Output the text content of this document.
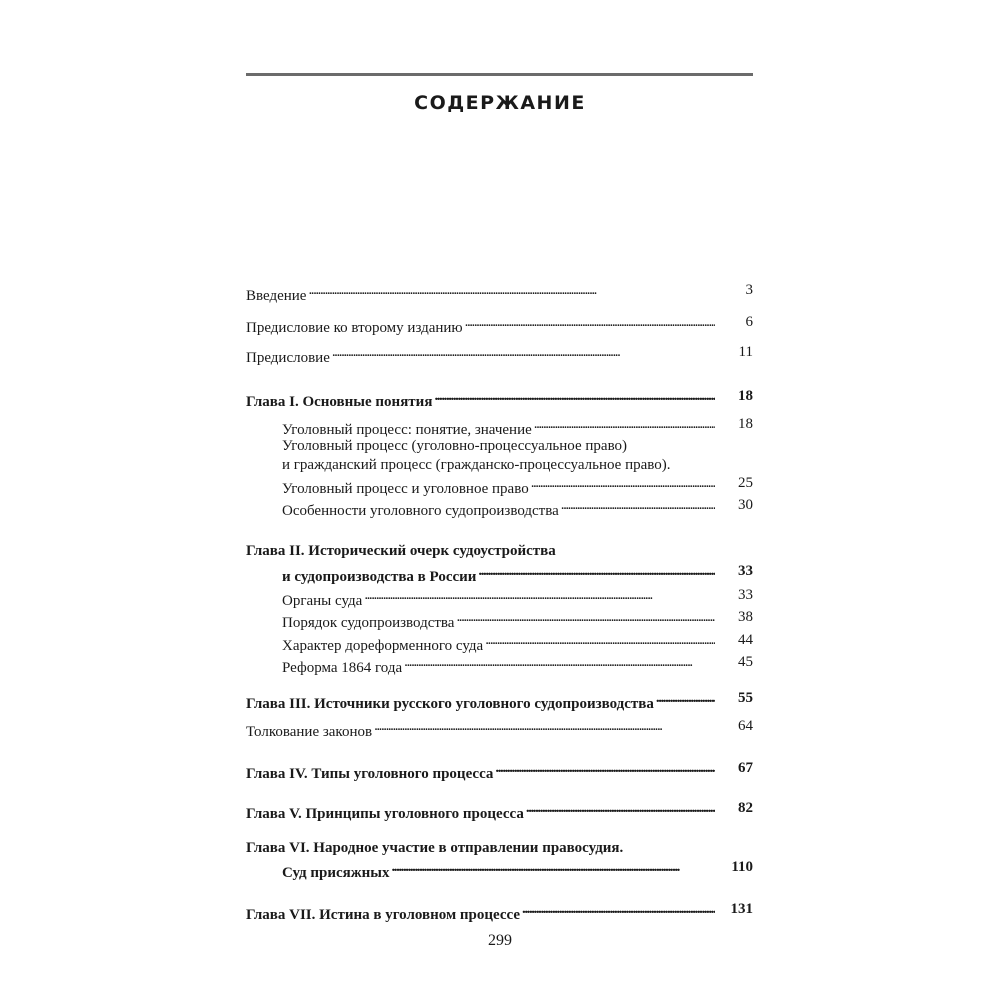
СОДЕРЖАНИЕ
Введение . . .	3
Предисловие ко второму изданию . . .	6
Предисловие . . .	11
Глава I. Основные понятия . . .	18
Уголовный процесс: понятие, значение . . .	18
Уголовный процесс (уголовно-процессуальное право)
и гражданский процесс (гражданско-процессуальное право).
Уголовный процесс и уголовное право . . .	25
Особенности уголовного судопроизводства . . .	30
Глава II. Исторический очерк судоустройства
и судопроизводства в России . . .	33
Органы суда . . .	33
Порядок судопроизводства . . .	38
Характер дореформенного суда . . .	44
Реформа 1864 года . . .	45
Глава III. Источники русского уголовного судопроизводства . . .	55
Толкование законов . . .	64
Глава IV. Типы уголовного процесса . . .	67
Глава V. Принципы уголовного процесса . . .	82
Глава VI. Народное участие в отправлении правосудия.
Суд присяжных . . .	110
Глава VII. Истина в уголовном процессе . . .	131
299
